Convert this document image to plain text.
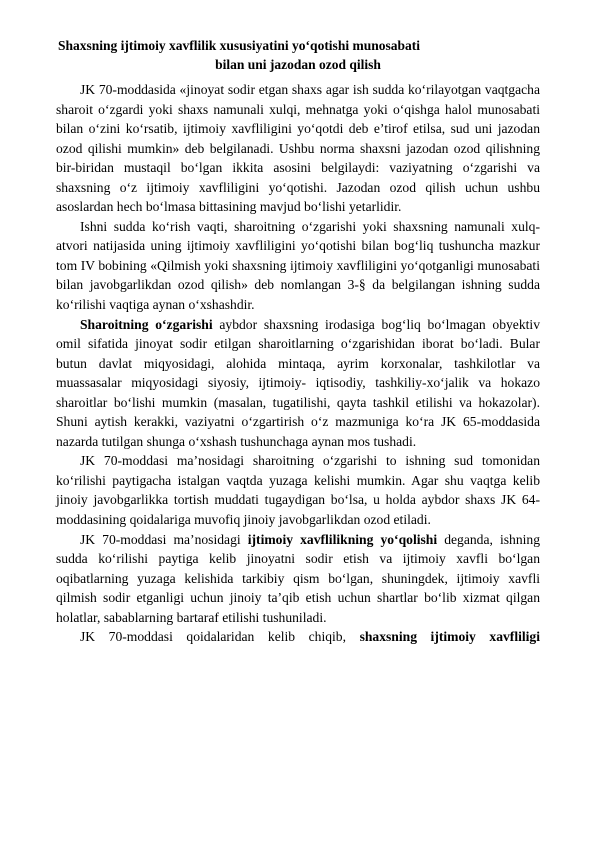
Shaxsning ijtimoiy xavflilik xususiyatini yo‘qotishi munosabati
bilan uni jazodan ozod qilish

JK 70-moddasida «jinoyat sodir etgan shaxs agar ish sudda ko‘rilayotgan vaqtgacha sharoit o‘zgardi yoki shaxs namunali xulqi, mehnatga yoki o‘qishga halol munosabati bilan o‘zini ko‘rsatib, ijtimoiy xavfliligini yo‘qotdi deb e’tirof etilsa, sud uni jazodan ozod qilishi mumkin» deb belgilanadi. Ushbu norma shaxsni jazodan ozod qilishning bir-biridan mustaqil bo‘lgan ikkita asosini belgilaydi: vaziyatning o‘zgarishi va shaxsning o‘z ijtimoiy xavfliligini yo‘qotishi. Jazodan ozod qilish uchun ushbu asoslardan hech bo‘lmasa bittasining mavjud bo‘lishi yetarlidir.

Ishni sudda ko‘rish vaqti, sharoitning o‘zgarishi yoki shaxsning namunali xulq-atvori natijasida uning ijtimoiy xavfliligini yo‘qotishi bilan bog‘liq tushuncha mazkur tom IV bobining «Qilmish yoki shaxsning ijtimoiy xavfliligini yo‘qotganligi munosabati bilan javobgarlikdan ozod qilish» deb nomlangan 3-§ da belgilangan ishning sudda ko‘rilishi vaqtiga aynan o‘xshashdir.

Sharoitning o‘zgarishi aybdor shaxsning irodasiga bog‘liq bo‘lmagan obyektiv omil sifatida jinoyat sodir etilgan sharoitlarning o‘zgarishidan iborat bo‘ladi. Bular butun davlat miqyosidagi, alohida mintaqa, ayrim korxonalar, tashkilotlar va muassasalar miqyosidagi siyosiy, ijtimoiy- iqtisodiy, tashkiliy-xo‘jalik va hokazo sharoitlar bo‘lishi mumkin (masalan, tugatilishi, qayta tashkil etilishi va hokazolar). Shuni aytish kerakki, vaziyatni o‘zgartirish o‘z mazmuniga ko‘ra JK 65-moddasida nazarda tutilgan shunga o‘xshash tushunchaga aynan mos tushadi.

JK 70-moddasi ma’nosidagi sharoitning o‘zgarishi to ishning sud tomonidan ko‘rilishi paytigacha istalgan vaqtda yuzaga kelishi mumkin. Agar shu vaqtga kelib jinoiy javobgarlikka tortish muddati tugaydigan bo‘lsa, u holda aybdor shaxs JK 64-moddasining qoidalariga muvofiq jinoiy javobgarlikdan ozod etiladi.

JK 70-moddasi ma’nosidagi ijtimoiy xavflilikning yo‘qolishi deganda, ishning sudda ko‘rilishi paytiga kelib jinoyatni sodir etish va ijtimoiy xavfli bo‘lgan oqibatlarning yuzaga kelishida tarkibiy qism bo‘lgan, shuningdek, ijtimoiy xavfli qilmish sodir etganligi uchun jinoiy ta’qib etish uchun shartlar bo‘lib xizmat qilgan holatlar, sabablarning bartaraf etilishi tushuniladi.

JK 70-moddasi qoidalaridan kelib chiqib, shaxsning ijtimoiy xavfliligi
